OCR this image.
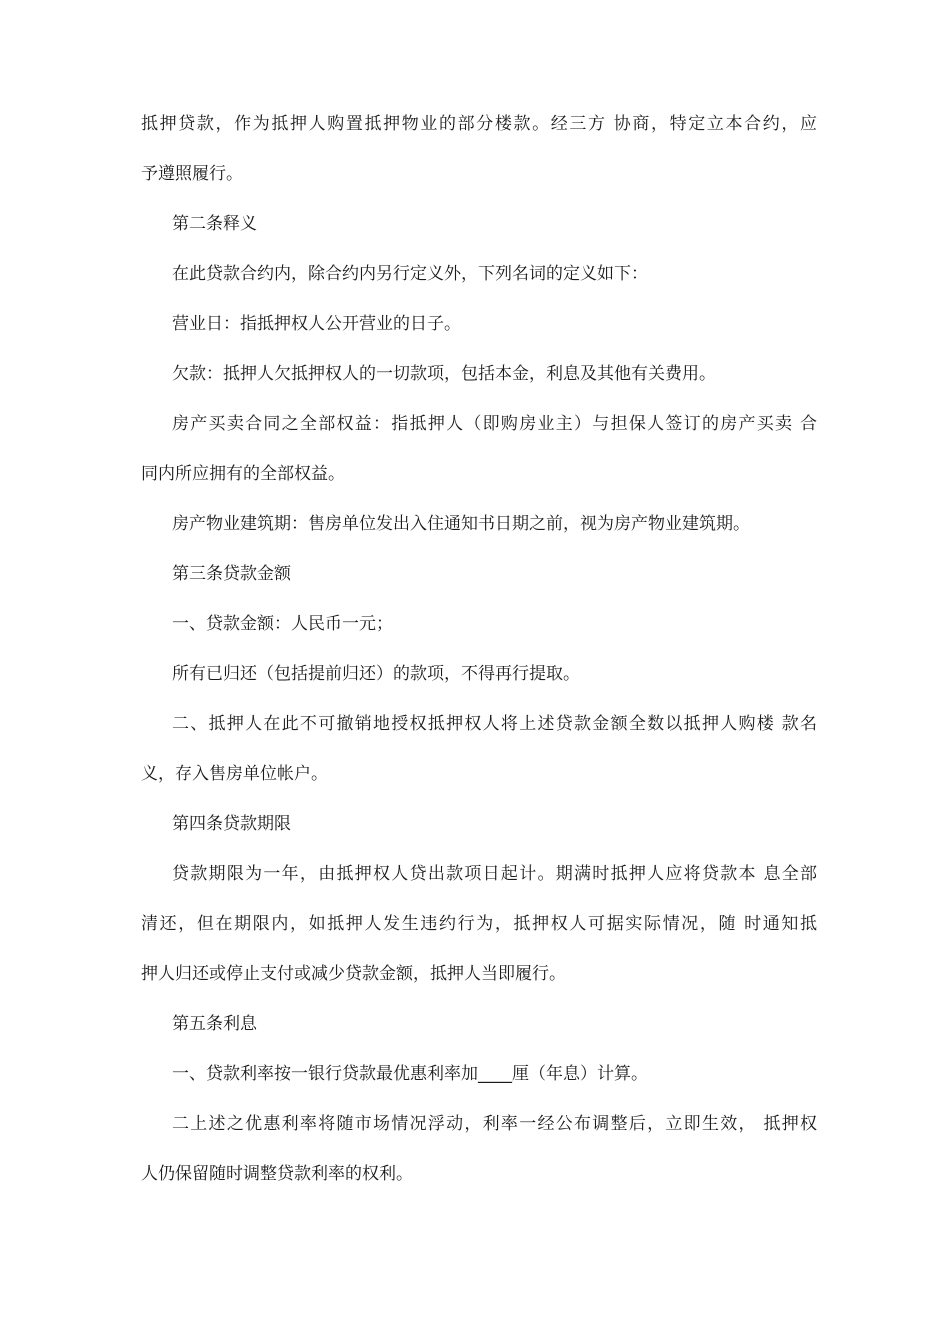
抵押贷款，作为抵押人购置抵押物业的部分楼款。经三方 协商，特定立本合约，应
予遵照履行。
第二条释义
在此贷款合约内，除合约内另行定义外，下列名词的定义如下：
营业日：指抵押权人公开营业的日子。
欠款：抵押人欠抵押权人的一切款项，包括本金，利息及其他有关费用。
房产买卖合同之全部权益：指抵押人（即购房业主）与担保人签订的房产买卖 合
同内所应拥有的全部权益。
房产物业建筑期：售房单位发出入住通知书日期之前，视为房产物业建筑期。
第三条贷款金额
一、贷款金额：人民币一元；
所有已归还（包括提前归还）的款项，不得再行提取。
二、抵押人在此不可撤销地授权抵押权人将上述贷款金额全数以抵押人购楼 款名
义，存入售房单位帐户。
第四条贷款期限
贷款期限为一年，由抵押权人贷出款项日起计。期满时抵押人应将贷款本 息全部
清还，但在期限内，如抵押人发生违约行为，抵押权人可据实际情况，随 时通知抵
押人归还或停止支付或减少贷款金额，抵押人当即履行。
第五条利息
一、贷款利率按一银行贷款最优惠利率加____厘（年息）计算。
二上述之优惠利率将随市场情况浮动，利率一经公布调整后，立即生效， 抵押权
人仍保留随时调整贷款利率的权利。
